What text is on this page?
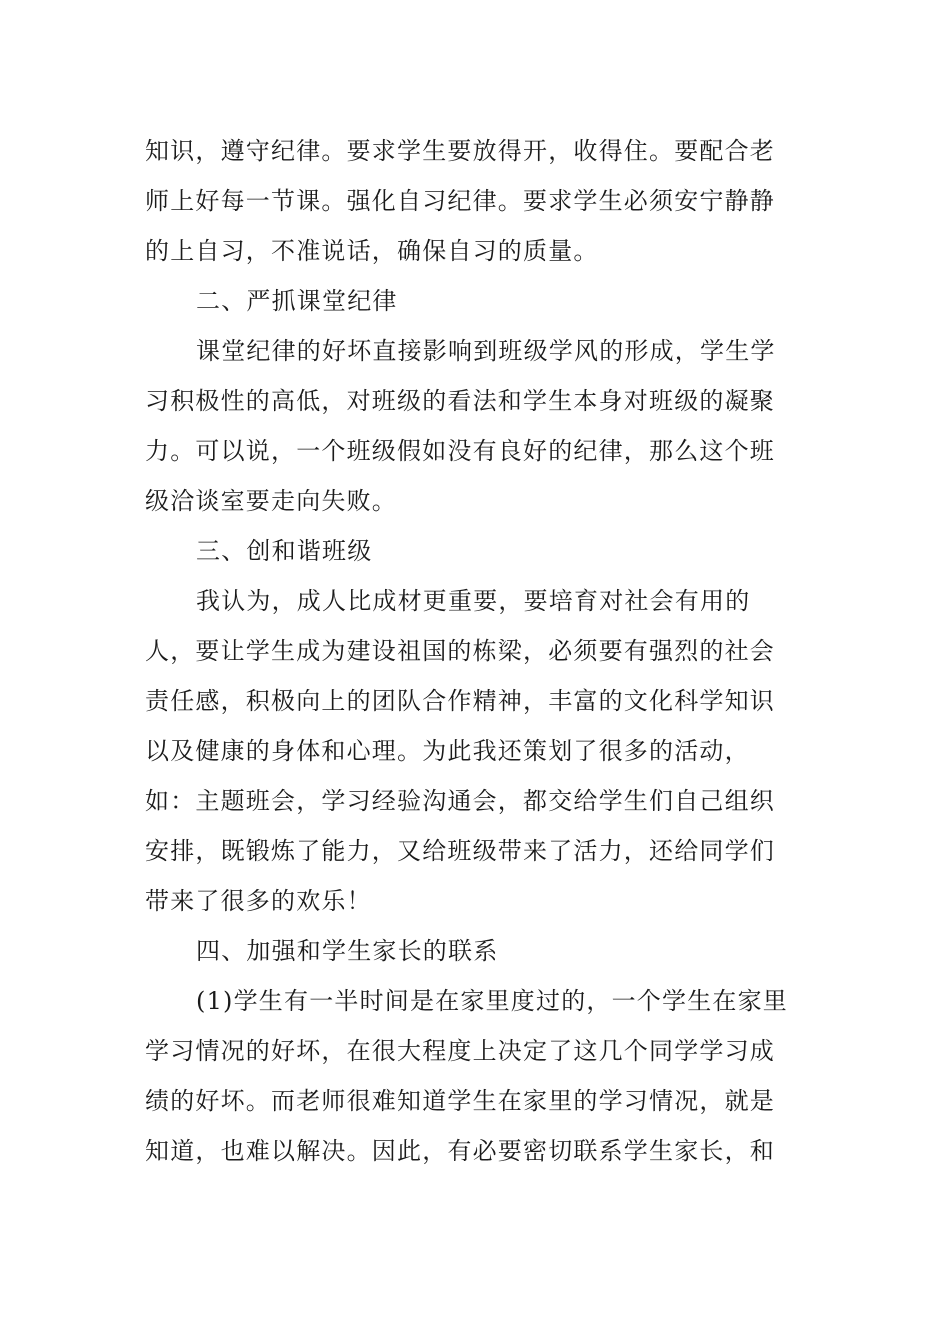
知识，遵守纪律。要求学生要放得开，收得住。要配合老
师上好每一节课。强化自习纪律。要求学生必须安宁静静
的上自习，不准说话，确保自习的质量。
二、严抓课堂纪律
课堂纪律的好坏直接影响到班级学风的形成，学生学
习积极性的高低，对班级的看法和学生本身对班级的凝聚
力。可以说，一个班级假如没有良好的纪律，那么这个班
级洽谈室要走向失败。
三、创和谐班级
我认为，成人比成材更重要，要培育对社会有用的
人，要让学生成为建设祖国的栋梁，必须要有强烈的社会
责任感，积极向上的团队合作精神，丰富的文化科学知识
以及健康的身体和心理。为此我还策划了很多的活动，
如：主题班会，学习经验沟通会，都交给学生们自己组织
安排，既锻炼了能力，又给班级带来了活力，还给同学们
带来了很多的欢乐！
四、加强和学生家长的联系
(1)学生有一半时间是在家里度过的，一个学生在家里
学习情况的好坏，在很大程度上决定了这几个同学学习成
绩的好坏。而老师很难知道学生在家里的学习情况，就是
知道，也难以解决。因此，有必要密切联系学生家长，和
